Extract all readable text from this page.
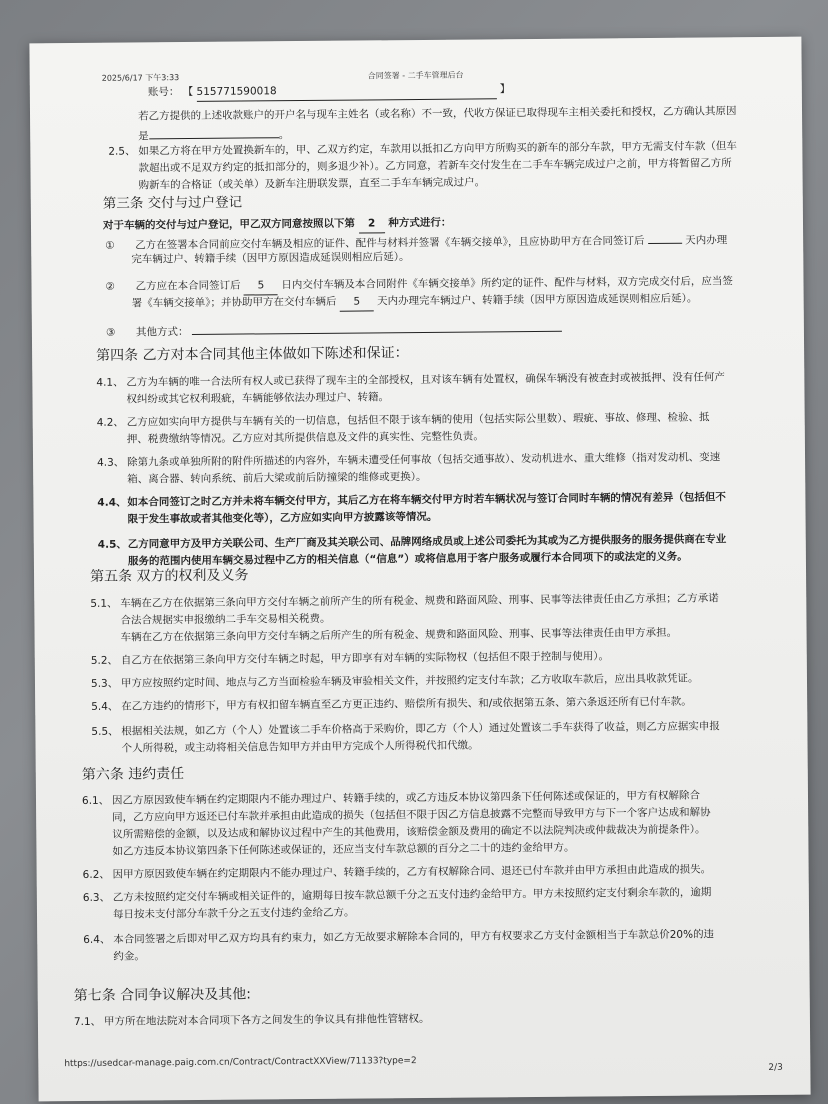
2025/6/17 下午3:33	合同签署 - 二手车管理后台
账号： 【 515771590018	】
若乙方提供的上述收款账户的开户名与现车主姓名（或名称）不一致，代收方保证已取得现车主相关委托和授权，乙方确认其原因
是	。
2.5、 如果乙方将在甲方处置换新车的，甲、乙双方约定，车款用以抵扣乙方向甲方所购买的新车的部分车款，甲方无需支付车款（但车
款超出或不足双方约定的抵扣部分的，则多退少补）。乙方同意，若新车交付发生在二手车车辆完成过户之前，甲方将暂留乙方所
购新车的合格证（或关单）及新车注册联发票，直至二手车车辆完成过户。
第三条 交付与过户登记
对于车辆的交付与过户登记，甲乙双方同意按照以下第 2 种方式进行：
① 乙方在签署本合同前应交付车辆及相应的证件、配件与材料并签署《车辆交接单》，且应协助甲方在合同签订后	天内办理
完车辆过户、转籍手续（因甲方原因造成延误则相应后延）。
② 乙方应在本合同签订后 5 日内交付车辆及本合同附件《车辆交接单》所约定的证件、配件与材料，双方完成交付后，应当签
署《车辆交接单》；并协助甲方在交付车辆后 5 天内办理完车辆过户、转籍手续（因甲方原因造成延误则相应后延）。
③ 其他方式：
第四条 乙方对本合同其他主体做如下陈述和保证：
4.1、 乙方为车辆的唯一合法所有权人或已获得了现车主的全部授权，且对该车辆有处置权，确保车辆没有被查封或被抵押、没有任何产
权纠纷或其它权利瑕疵，车辆能够依法办理过户、转籍。
4.2、 乙方应如实向甲方提供与车辆有关的一切信息，包括但不限于该车辆的使用（包括实际公里数）、瑕疵、事故、修理、检验、抵
押、税费缴纳等情况。乙方应对其所提供信息及文件的真实性、完整性负责。
4.3、 除第九条或单独所附的附件所描述的内容外，车辆未遭受任何事故（包括交通事故）、发动机进水、重大维修（指对发动机、变速
箱、离合器、转向系统、前后大梁或前后防撞梁的维修或更换）。
4.4、 如本合同签订之时乙方并未将车辆交付甲方，其后乙方在将车辆交付甲方时若车辆状况与签订合同时车辆的情况有差异（包括但不
限于发生事故或者其他变化等），乙方应如实向甲方披露该等情况。
4.5、 乙方同意甲方及甲方关联公司、生产厂商及其关联公司、品牌网络成员或上述公司委托为其或为乙方提供服务的服务提供商在专业
服务的范围内使用车辆交易过程中乙方的相关信息（“信息”）或将信息用于客户服务或履行本合同项下的或法定的义务。
第五条 双方的权利及义务
5.1、 车辆在乙方在依据第三条向甲方交付车辆之前所产生的所有税金、规费和路面风险、刑事、民事等法律责任由乙方承担；乙方承诺
合法合规据实申报缴纳二手车交易相关税费。
车辆在乙方在依据第三条向甲方交付车辆之后所产生的所有税金、规费和路面风险、刑事、民事等法律责任由甲方承担。
5.2、 自乙方在依据第三条向甲方交付车辆之时起，甲方即享有对车辆的实际物权（包括但不限于控制与使用）。
5.3、 甲方应按照约定时间、地点与乙方当面检验车辆及审验相关文件，并按照约定支付车款；乙方收取车款后，应出具收款凭证。
5.4、 在乙方违约的情形下，甲方有权扣留车辆直至乙方更正违约、赔偿所有损失、和/或依据第五条、第六条返还所有已付车款。
5.5、 根据相关法规，如乙方（个人）处置该二手车价格高于采购价，即乙方（个人）通过处置该二手车获得了收益，则乙方应据实申报
个人所得税，或主动将相关信息告知甲方并由甲方完成个人所得税代扣代缴。
第六条 违约责任
6.1、 因乙方原因致使车辆在约定期限内不能办理过户、转籍手续的，或乙方违反本协议第四条下任何陈述或保证的，甲方有权解除合
同，乙方应向甲方返还已付车款并承担由此造成的损失（包括但不限于因乙方信息披露不完整而导致甲方与下一个客户达成和解协
议所需赔偿的金额，以及达成和解协议过程中产生的其他费用，该赔偿金额及费用的确定不以法院判决或仲裁裁决为前提条件）。
如乙方违反本协议第四条下任何陈述或保证的，还应当支付车款总额的百分之二十的违约金给甲方。
6.2、 因甲方原因致使车辆在约定期限内不能办理过户、转籍手续的，乙方有权解除合同、退还已付车款并由甲方承担由此造成的损失。
6.3、 乙方未按照约定交付车辆或相关证件的，逾期每日按车款总额千分之五支付违约金给甲方。甲方未按照约定支付剩余车款的，逾期
每日按未支付部分车款千分之五支付违约金给乙方。
6.4、 本合同签署之后即对甲乙双方均具有约束力，如乙方无故要求解除本合同的，甲方有权要求乙方支付金额相当于车款总价20%的违
约金。
第七条 合同争议解决及其他:
7.1、 甲方所在地法院对本合同项下各方之间发生的争议具有排他性管辖权。
https://usedcar-manage.paig.com.cn/Contract/ContractXXView/71133?type=2	2/3
